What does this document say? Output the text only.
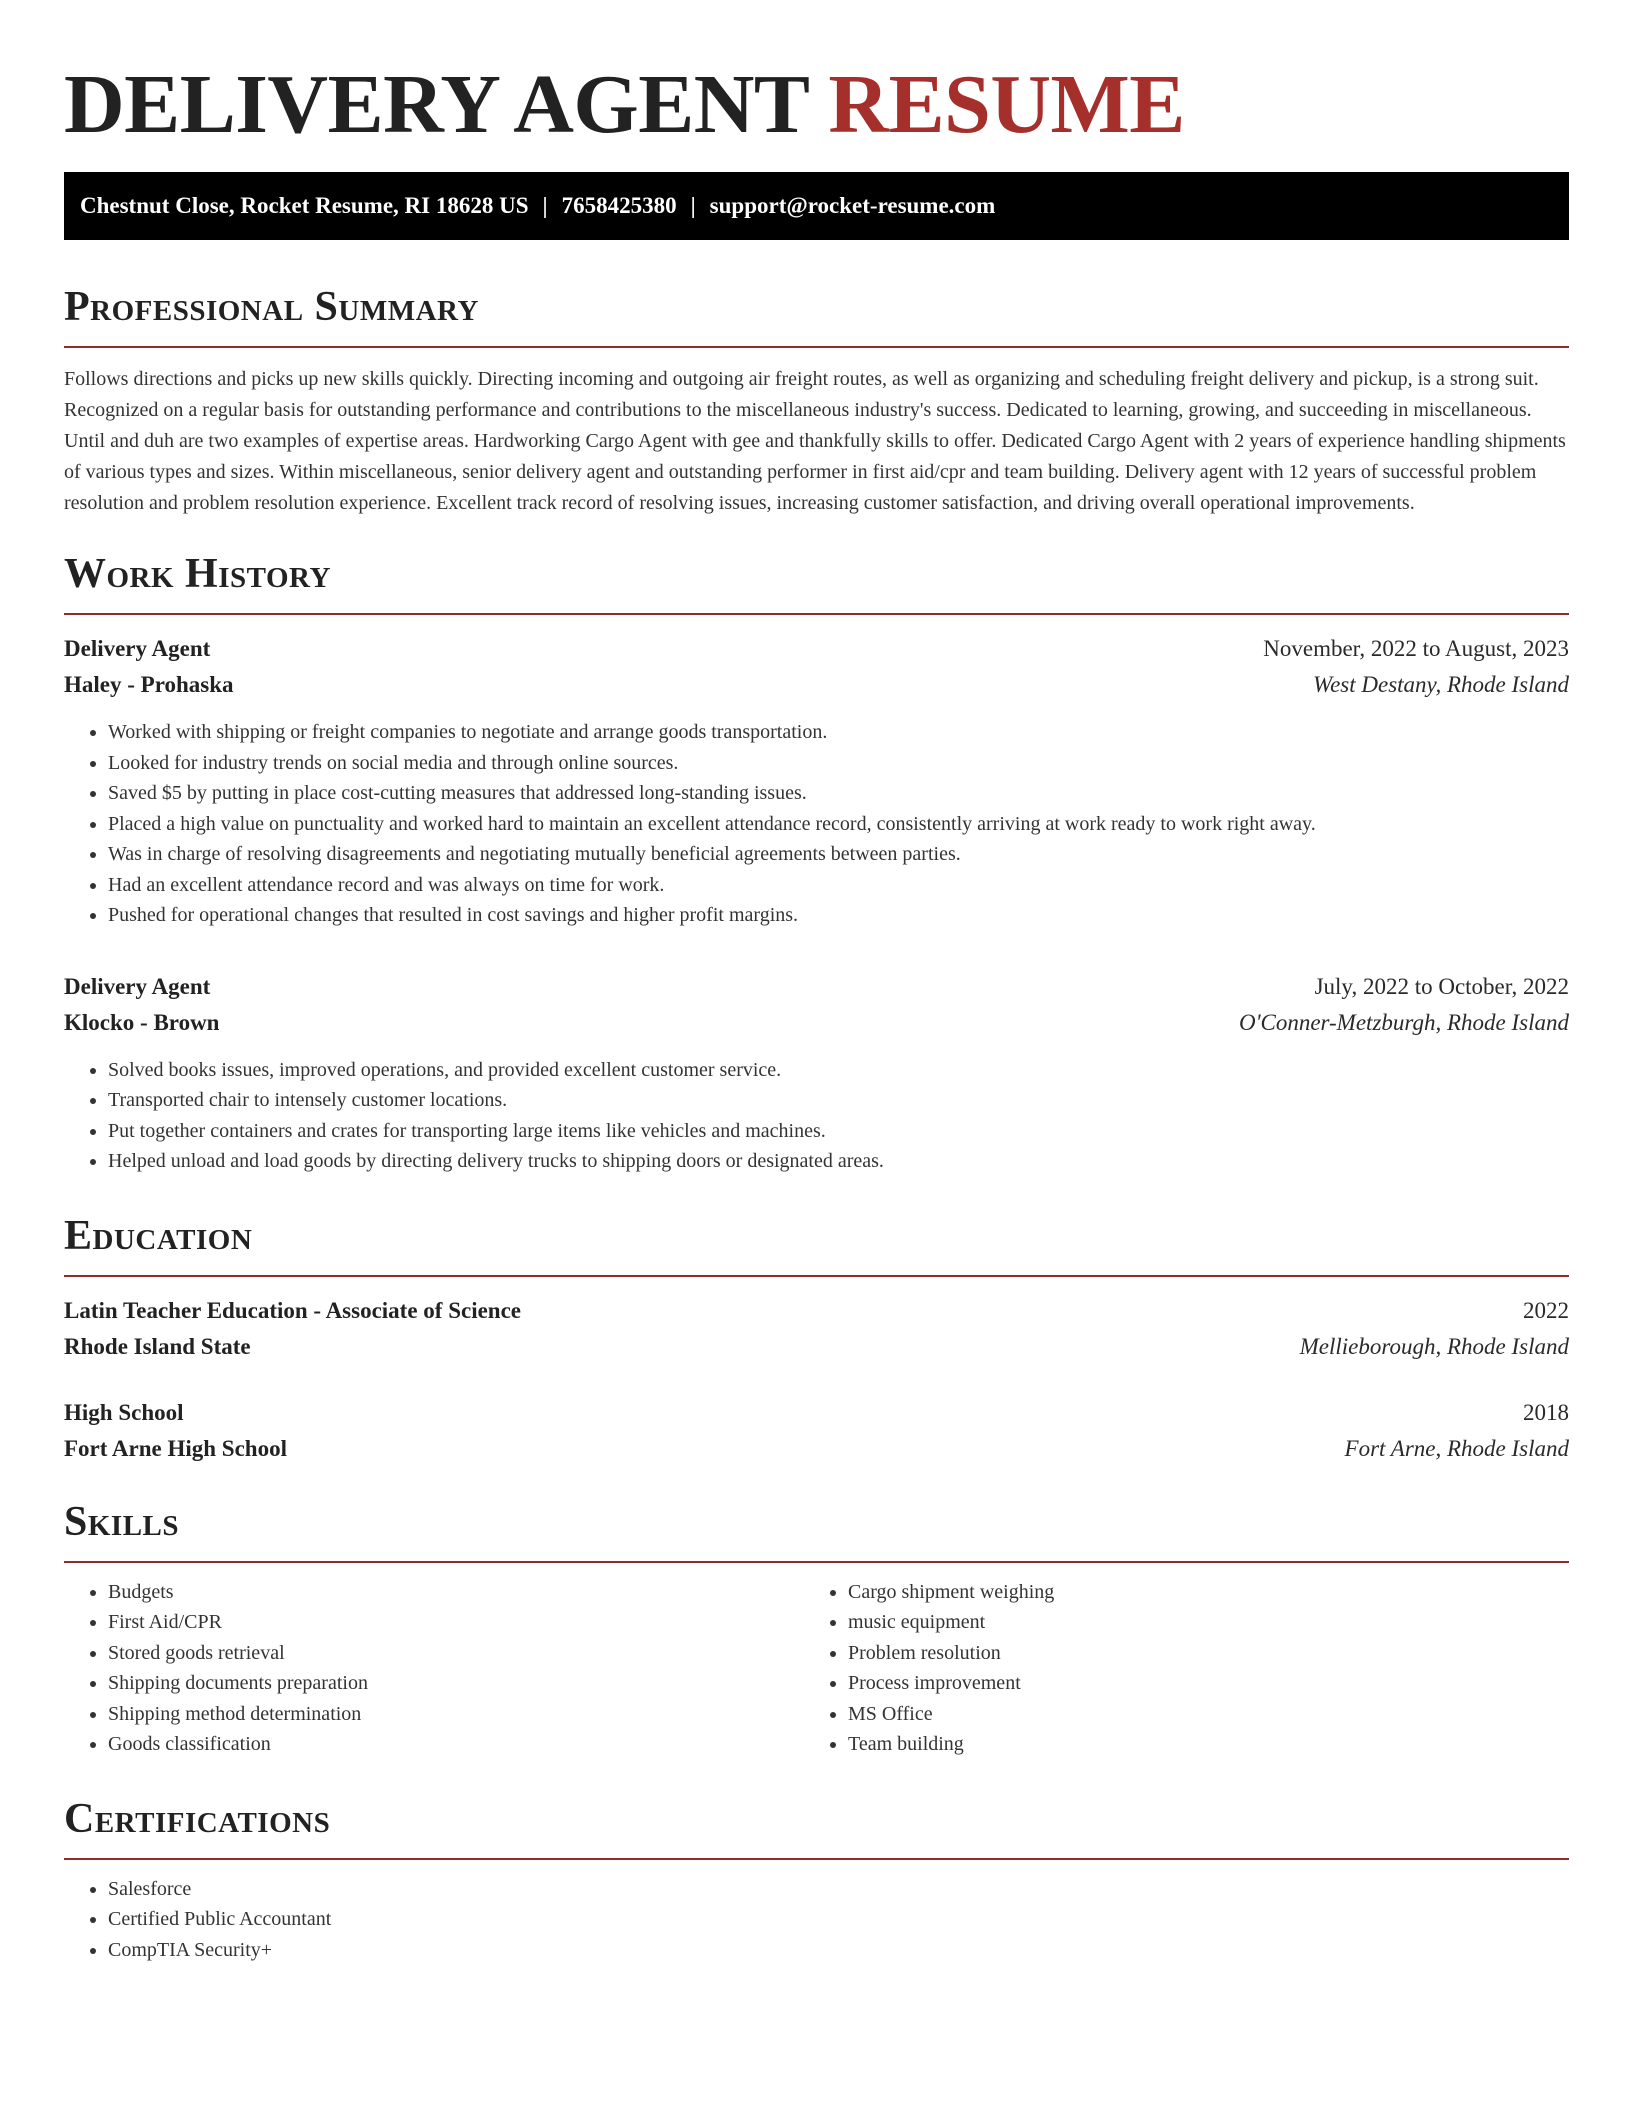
DELIVERY AGENT RESUME
Chestnut Close, Rocket Resume, RI 18628 US | 7658425380 | support@rocket-resume.com
Professional Summary

Follows directions and picks up new skills quickly. Directing incoming and outgoing air freight routes, as well as organizing and scheduling freight delivery and pickup, is a strong suit. Recognized on a regular basis for outstanding performance and contributions to the miscellaneous industry's success. Dedicated to learning, growing, and succeeding in miscellaneous. Until and duh are two examples of expertise areas. Hardworking Cargo Agent with gee and thankfully skills to offer. Dedicated Cargo Agent with 2 years of experience handling shipments of various types and sizes. Within miscellaneous, senior delivery agent and outstanding performer in first aid/cpr and team building. Delivery agent with 12 years of successful problem resolution and problem resolution experience. Excellent track record of resolving issues, increasing customer satisfaction, and driving overall operational improvements.

Work History
Delivery Agent	November, 2022 to August, 2023
Haley - Prohaska	West Destany, Rhode Island
• Worked with shipping or freight companies to negotiate and arrange goods transportation.
• Looked for industry trends on social media and through online sources.
• Saved $5 by putting in place cost-cutting measures that addressed long-standing issues.
• Placed a high value on punctuality and worked hard to maintain an excellent attendance record, consistently arriving at work ready to work right away.
• Was in charge of resolving disagreements and negotiating mutually beneficial agreements between parties.
• Had an excellent attendance record and was always on time for work.
• Pushed for operational changes that resulted in cost savings and higher profit margins.
Delivery Agent	July, 2022 to October, 2022
Klocko - Brown	O'Conner-Metzburgh, Rhode Island
• Solved books issues, improved operations, and provided excellent customer service.
• Transported chair to intensely customer locations.
• Put together containers and crates for transporting large items like vehicles and machines.
• Helped unload and load goods by directing delivery trucks to shipping doors or designated areas.
Education
Latin Teacher Education - Associate of Science	2022
Rhode Island State	Mellieborough, Rhode Island
High School	2018
Fort Arne High School	Fort Arne, Rhode Island
Skills
• Budgets
• First Aid/CPR
• Stored goods retrieval
• Shipping documents preparation
• Shipping method determination
• Goods classification
• Cargo shipment weighing
• music equipment
• Problem resolution
• Process improvement
• MS Office
• Team building
Certifications
• Salesforce
• Certified Public Accountant
• CompTIA Security+
